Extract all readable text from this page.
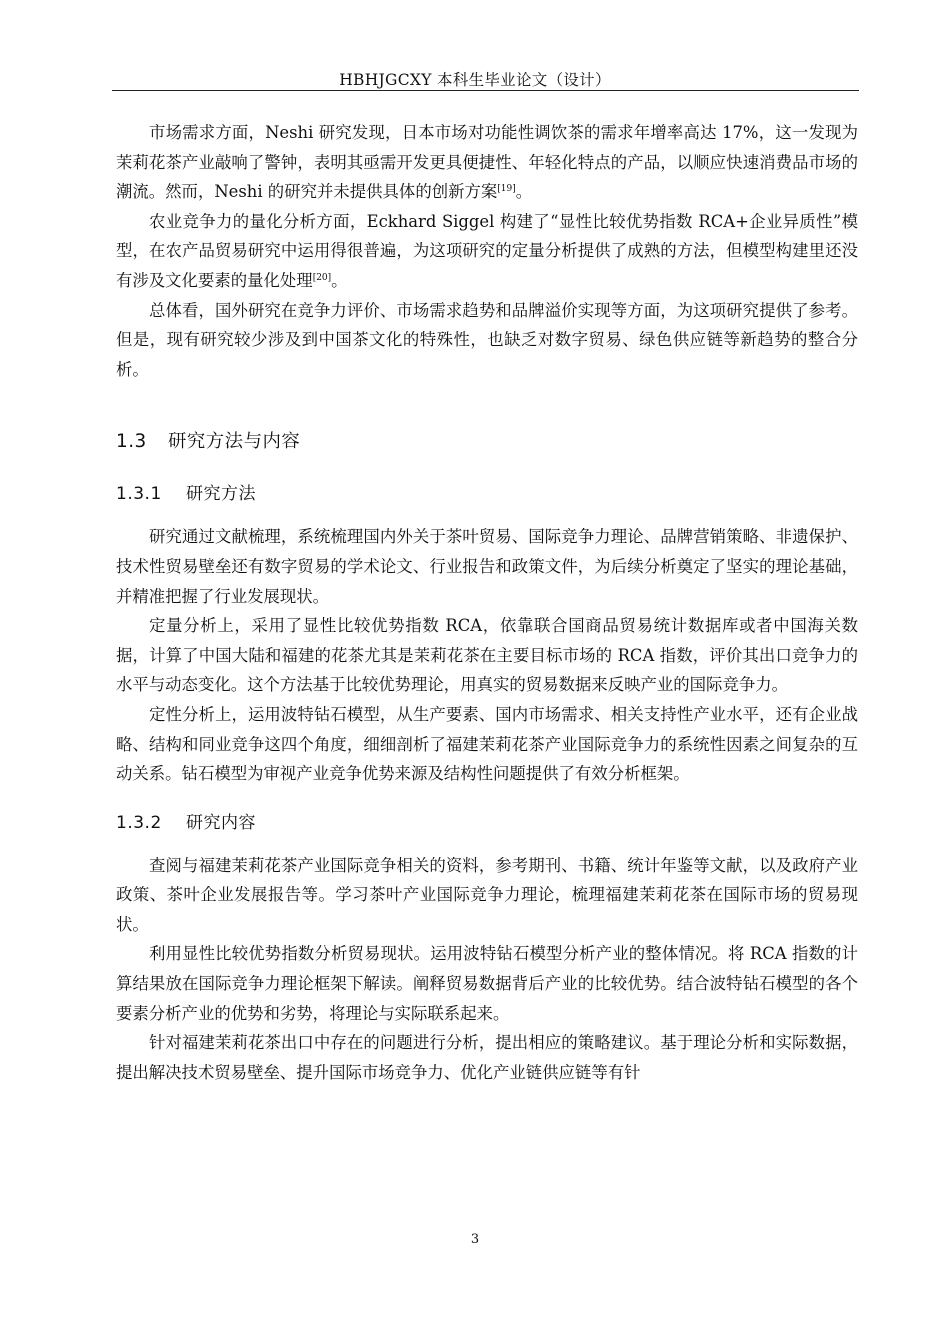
HBHJGCXY 本科生毕业论文（设计）

市场需求方面，Neshi 研究发现，日本市场对功能性调饮茶的需求年增率高达 17%，这一发现为茉莉花茶产业敲响了警钟，表明其亟需开发更具便捷性、年轻化特点的产品，以顺应快速消费品市场的潮流。然而，Neshi 的研究并未提供具体的创新方案[19]。

农业竞争力的量化分析方面，Eckhard Siggel 构建了“显性比较优势指数 RCA+企业异质性”模型，在农产品贸易研究中运用得很普遍，为这项研究的定量分析提供了成熟的方法，但模型构建里还没有涉及文化要素的量化处理[20]。

总体看，国外研究在竞争力评价、市场需求趋势和品牌溢价实现等方面，为这项研究提供了参考。但是，现有研究较少涉及到中国茶文化的特殊性，也缺乏对数字贸易、绿色供应链等新趋势的整合分析。

1.3 研究方法与内容
1.3.1 研究方法

研究通过文献梳理，系统梳理国内外关于茶叶贸易、国际竞争力理论、品牌营销策略、非遗保护、技术性贸易壁垒还有数字贸易的学术论文、行业报告和政策文件，为后续分析奠定了坚实的理论基础，并精准把握了行业发展现状。

定量分析上，采用了显性比较优势指数 RCA，依靠联合国商品贸易统计数据库或者中国海关数据，计算了中国大陆和福建的花茶尤其是茉莉花茶在主要目标市场的 RCA 指数，评价其出口竞争力的水平与动态变化。这个方法基于比较优势理论，用真实的贸易数据来反映产业的国际竞争力。

定性分析上，运用波特钻石模型，从生产要素、国内市场需求、相关支持性产业水平，还有企业战略、结构和同业竞争这四个角度，细细剖析了福建茉莉花茶产业国际竞争力的系统性因素之间复杂的互动关系。钻石模型为审视产业竞争优势来源及结构性问题提供了有效分析框架。

1.3.2 研究内容

查阅与福建茉莉花茶产业国际竞争相关的资料，参考期刊、书籍、统计年鉴等文献，以及政府产业政策、茶叶企业发展报告等。学习茶叶产业国际竞争力理论，梳理福建茉莉花茶在国际市场的贸易现状。

利用显性比较优势指数分析贸易现状。运用波特钻石模型分析产业的整体情况。将 RCA 指数的计算结果放在国际竞争力理论框架下解读。阐释贸易数据背后产业的比较优势。结合波特钻石模型的各个要素分析产业的优势和劣势，将理论与实际联系起来。

针对福建茉莉花茶出口中存在的问题进行分析，提出相应的策略建议。基于理论分析和实际数据，提出解决技术贸易壁垒、提升国际市场竞争力、优化产业链供应链等有针

3
